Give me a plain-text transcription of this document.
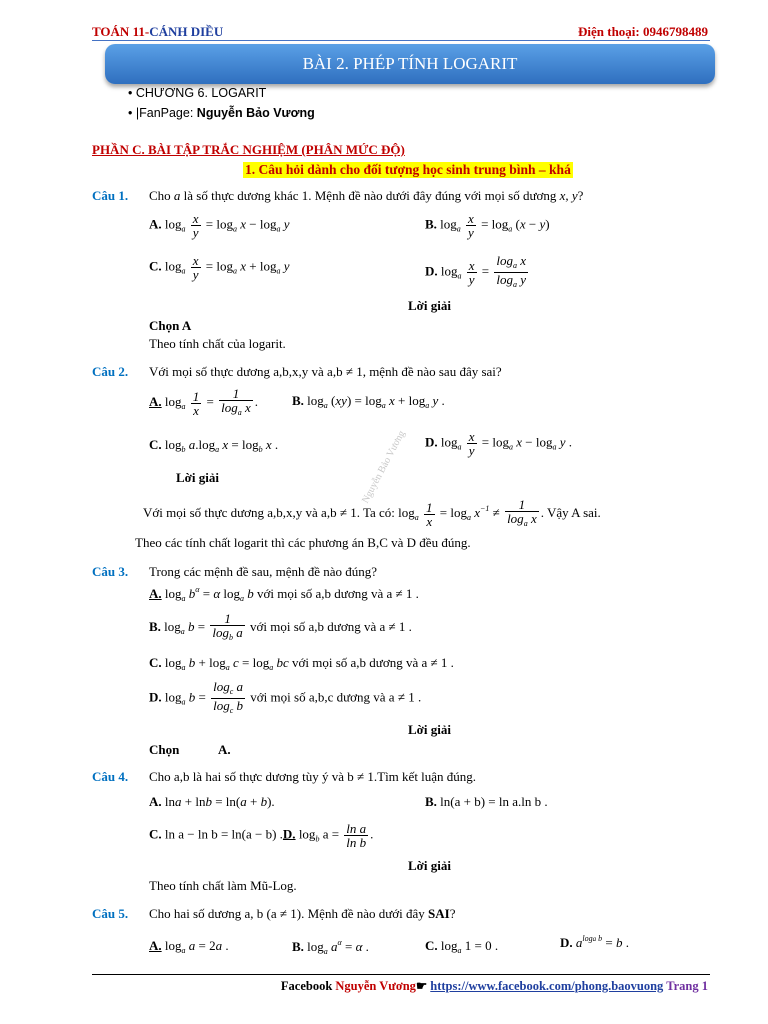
TOÁN 11-CÁNH DIỀU	Điện thoại: 0946798489
BÀI 2. PHÉP TÍNH LOGARIT
• CHƯƠNG 6. LOGARIT
• |FanPage: Nguyễn Bảo Vương
PHẦN C. BÀI TẬP TRẮC NGHIỆM (PHÂN MỨC ĐỘ)
1. Câu hỏi dành cho đối tượng học sinh trung bình – khá
Câu 1. Cho a là số thực dương khác 1. Mệnh đề nào dưới đây đúng với mọi số dương x, y?
A. $\log_a \frac{x}{y} = \log_a x - \log_a y$	B. $\log_a \frac{x}{y} = \log_a (x - y)$
C. $\log_a \frac{x}{y} = \log_a x + \log_a y$	D. $\log_a \frac{x}{y} = \frac{\log_a x}{\log_a y}$
Lời giải
Chọn A
Theo tính chất của logarit.
Câu 2. Với mọi số thực dương a,b,x,y và a,b ≠ 1, mệnh đề nào sau đây sai?
A. $\log_a \frac{1}{x} = \frac{1}{\log_a x}$ .	B. $\log_a (xy) = \log_a x + \log_a y$ .
C. $\log_b a.\log_a$ $x = \log_b x$ .	D. $\log_a \frac{x}{y} = \log_a x - \log_a y$ .
Lời giải
Với mọi số thực dương a,b,x,y và a,b ≠ 1. Ta có: $\log_a \frac{1}{x} = \log_a x^{-1} \ne \frac{1}{\log_a x}$ . Vậy A sai.
Theo các tính chất logarit thì các phương án B,C và D đều đúng.
Câu 3. Trong các mệnh đề sau, mệnh đề nào đúng?
A. $\log_a b^\alpha = \alpha$ $\log_a b$ với mọi số a,b dương và a ≠ 1 .
B. $\log_a b = \frac{1}{\log_b a}$ với mọi số a,b dương và a ≠ 1 .
C. $\log_a b + \log_a c = \log_a$ bc với mọi số a,b dương và a ≠ 1 .
D. $\log_a b = \frac{\log_c a}{\log_c b}$ với mọi số a,b,c dương và a ≠ 1 .
Lời giải
Chọn	A.
Câu 4. Cho a,b là hai số thực dương tùy ý và b ≠ 1.Tìm kết luận đúng.
A. lna + lnb = ln(a + b).	B. ln(a + b) = ln a.ln b .
C. ln a − ln b = ln(a − b) .D. $\log_b a = \frac{\text{ln a}}{\text{ln b}}$ .
Lời giải
Theo tính chất làm Mũ-Log.
Câu 5. Cho hai số dương a, b (a ≠ 1). Mệnh đề nào dưới đây SAI?
A. $\log_a a = 2a$ .	B. $\log_a a^\alpha = \alpha$ .	C. $\log_a 1 = 0$ .	D. $a^{loga b} = b$ .
Nguyễn Bảo Vương
Facebook Nguyễn Vương☛ https://www.facebook.com/phong.baovuong Trang 1
